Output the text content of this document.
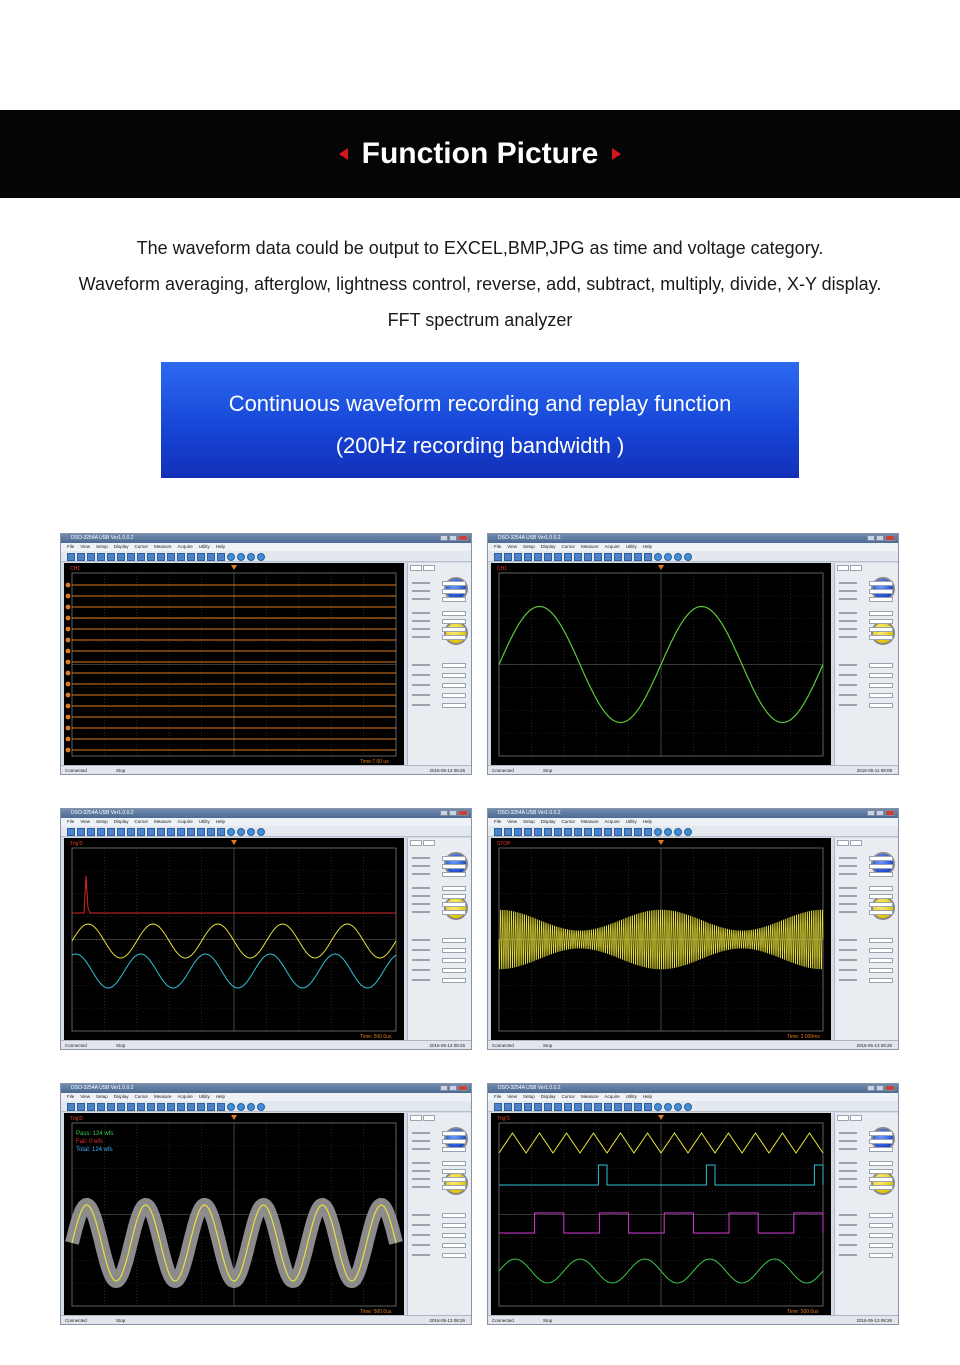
Function Picture
The waveform data could be output to EXCEL,BMP,JPG as time and voltage category.
Waveform averaging, afterglow, lightness control, reverse, add, subtract, multiply, divide, X-Y display.
FFT spectrum analyzer
Continuous waveform recording and replay function
(200Hz recording bandwidth )
DSO-3254A USB Ver1.0.0.2
File View Setup Display Cursor Measure Acquire Utility Help
CH1
Time:7.00 us
Connected	Stop	2016-05-13 08:26
DSO-3254A USB Ver1.0.0.2
File View Setup Display Cursor Measure Acquire Utility Help
CH1
Connected	Stop	2016-05-11 09:09
DSO-3254A USB Ver1.0.0.2
File View Setup Display Cursor Measure Acquire Utility Help
Trig'D
Time: 500.0us
Connected	Stop	2016-05-13 08:26
DSO-3254A USB Ver1.0.0.2
File View Setup Display Cursor Measure Acquire Utility Help
STOP
Time: 2.000ms
Connected	Stop	2016-05-13 08:26
DSO-3254A USB Ver1.0.0.2
File View Setup Display Cursor Measure Acquire Utility Help
Pass: 124 wfs
Fail: 0 wfs
Total: 124 wfs
Trig'D
Time: 500.0us
Connected	Stop	2016-05-13 08:26
DSO-3254A USB Ver1.0.0.2
File View Setup Display Cursor Measure Acquire Utility Help
Trig'D
Time: 500.0us
Connected	Stop	2016-05-13 08:26
